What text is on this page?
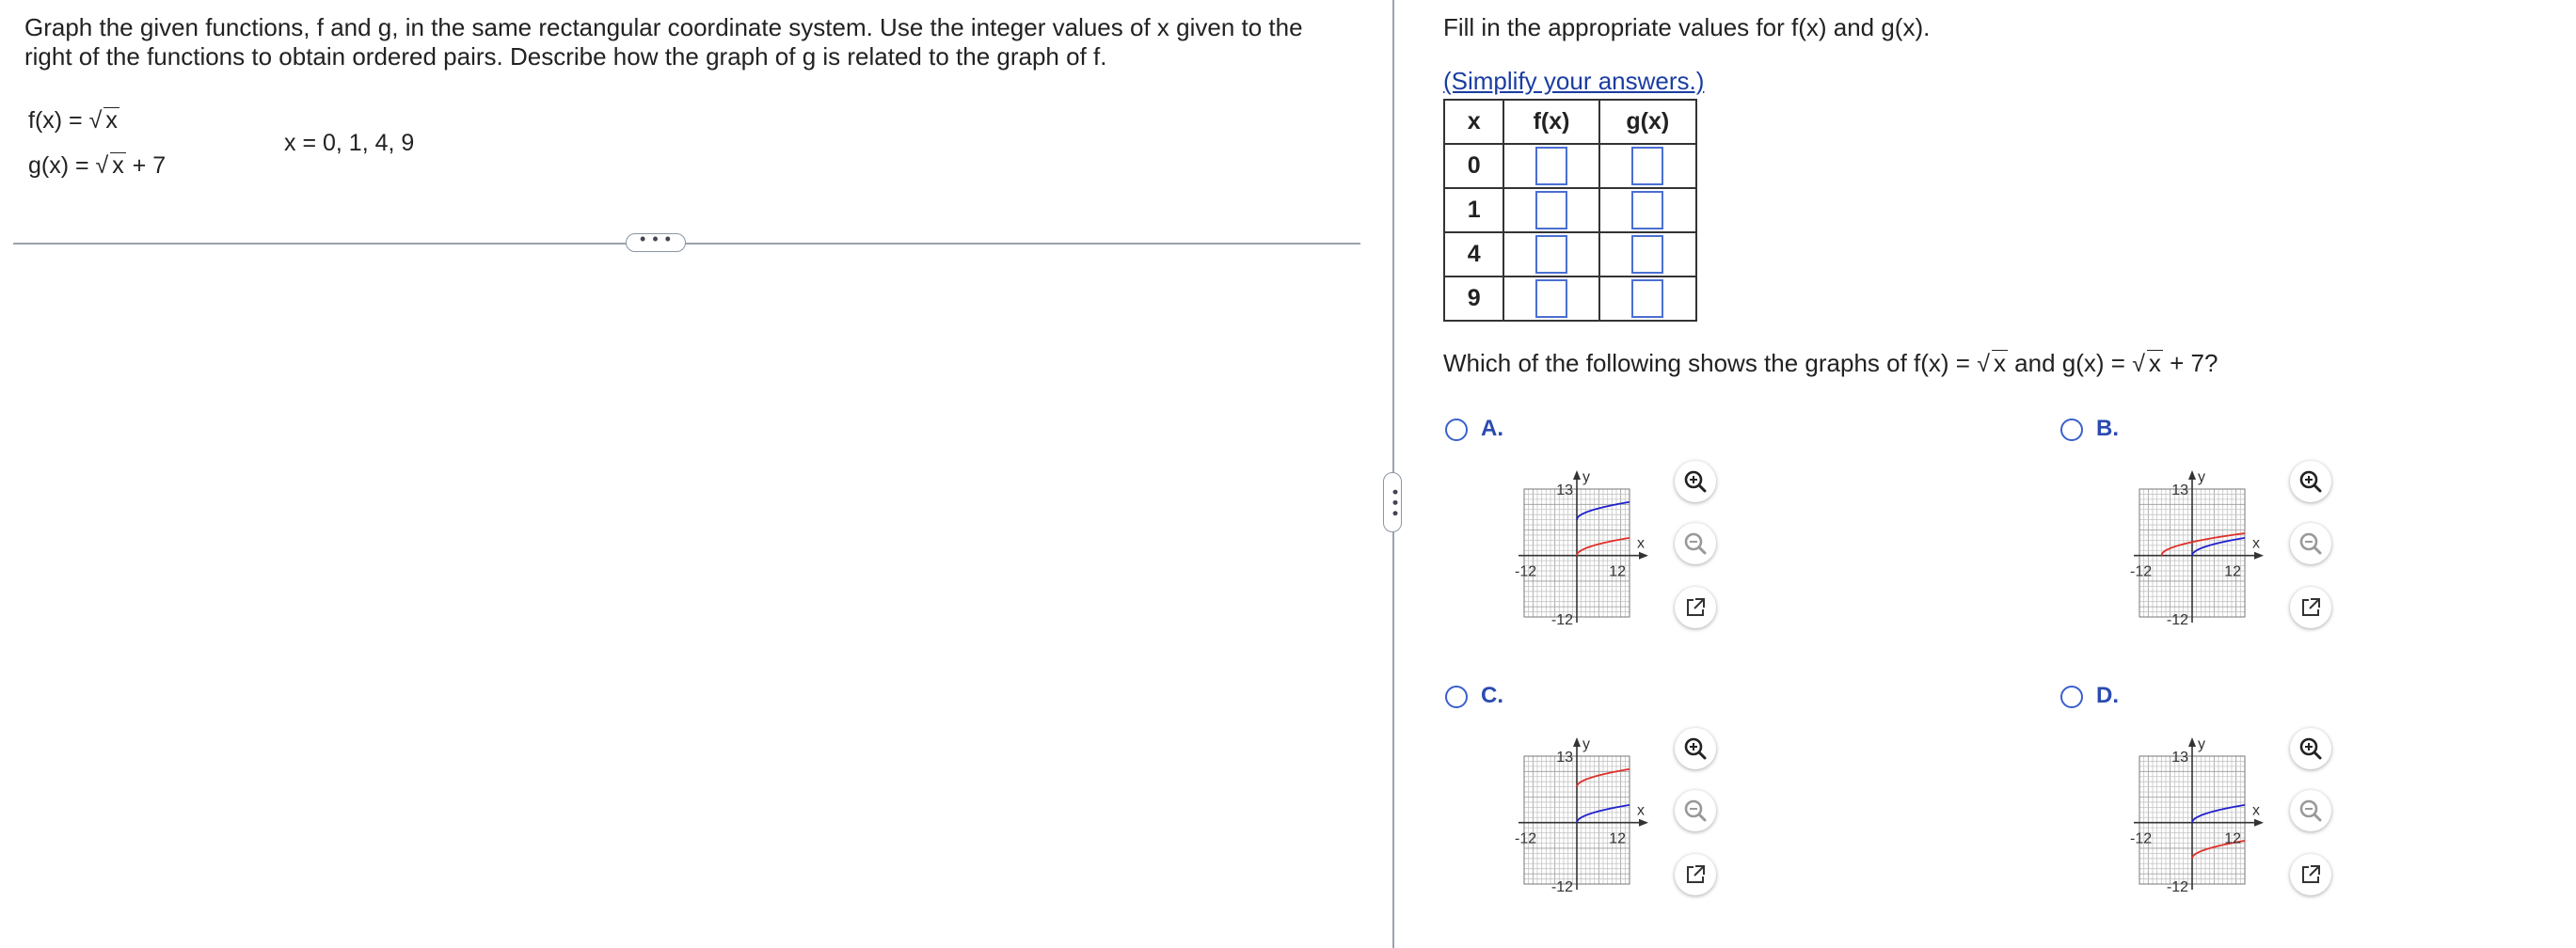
Graph the given functions, f and g, in the same rectangular coordinate system. Use the integer values of x given to the right of the functions to obtain ordered pairs. Describe how the graph of g is related to the graph of f.
f(x) = √ x
g(x) = √ x + 7
x = 0, 1, 4, 9
• • •
• • •
Fill in the appropriate values for f(x) and g(x).
(Simplify your answers.)
x	f(x)	g(x)
0		
1		
4		
9		
Which of the following shows the graphs of f(x) = √ x and g(x) = √ x + 7?
A.
y
x
13
-12	12
-12
B.
y
x
13
-12	12
-12
C.
y
x
13
-12	12
-12
D.
y
x
13
-12	12
-12
